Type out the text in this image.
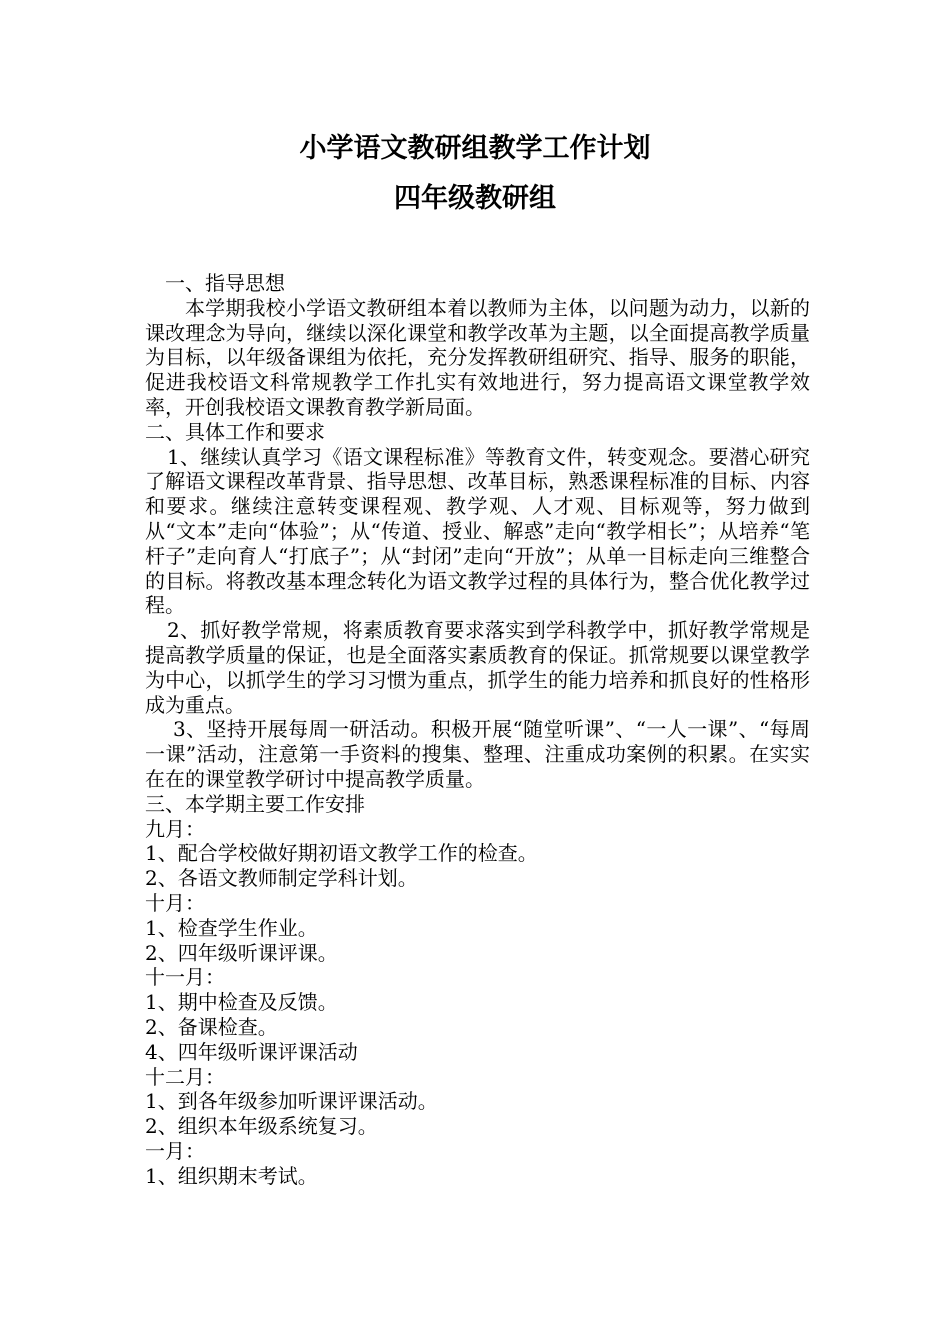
小学语文教研组教学工作计划
四年级教研组

一、指导思想

本学期我校小学语文教研组本着以教师为主体，以问题为动力，以新的课改理念为导向，继续以深化课堂和教学改革为主题，以全面提高教学质量为目标，以年级备课组为依托，充分发挥教研组研究、指导、服务的职能，促进我校语文科常规教学工作扎实有效地进行，努力提高语文课堂教学效率，开创我校语文课教育教学新局面。

二、具体工作和要求

1、继续认真学习《语文课程标准》等教育文件，转变观念。要潜心研究了解语文课程改革背景、指导思想、改革目标，熟悉课程标准的目标、内容和要求。继续注意转变课程观、教学观、人才观、目标观等，努力做到从“文本”走向“体验”；从“传道、授业、解惑”走向“教学相长”；从培养“笔杆子”走向育人“打底子”；从“封闭”走向“开放”；从单一目标走向三维整合的目标。将教改基本理念转化为语文教学过程的具体行为，整合优化教学过程。

2、抓好教学常规，将素质教育要求落实到学科教学中，抓好教学常规是提高教学质量的保证，也是全面落实素质教育的保证。抓常规要以课堂教学为中心，以抓学生的学习习惯为重点，抓学生的能力培养和抓良好的性格形成为重点。

3、坚持开展每周一研活动。积极开展“随堂听课”、“一人一课”、“每周一课”活动，注意第一手资料的搜集、整理、注重成功案例的积累。在实实在在的课堂教学研讨中提高教学质量。

三、本学期主要工作安排

九月：

1、配合学校做好期初语文教学工作的检查。

2、各语文教师制定学科计划。

十月：

1、检查学生作业。

2、四年级听课评课。

十一月：

1、期中检查及反馈。

2、备课检查。

4、四年级听课评课活动

十二月：

1、到各年级参加听课评课活动。

2、组织本年级系统复习。

一月：

1、组织期末考试。
